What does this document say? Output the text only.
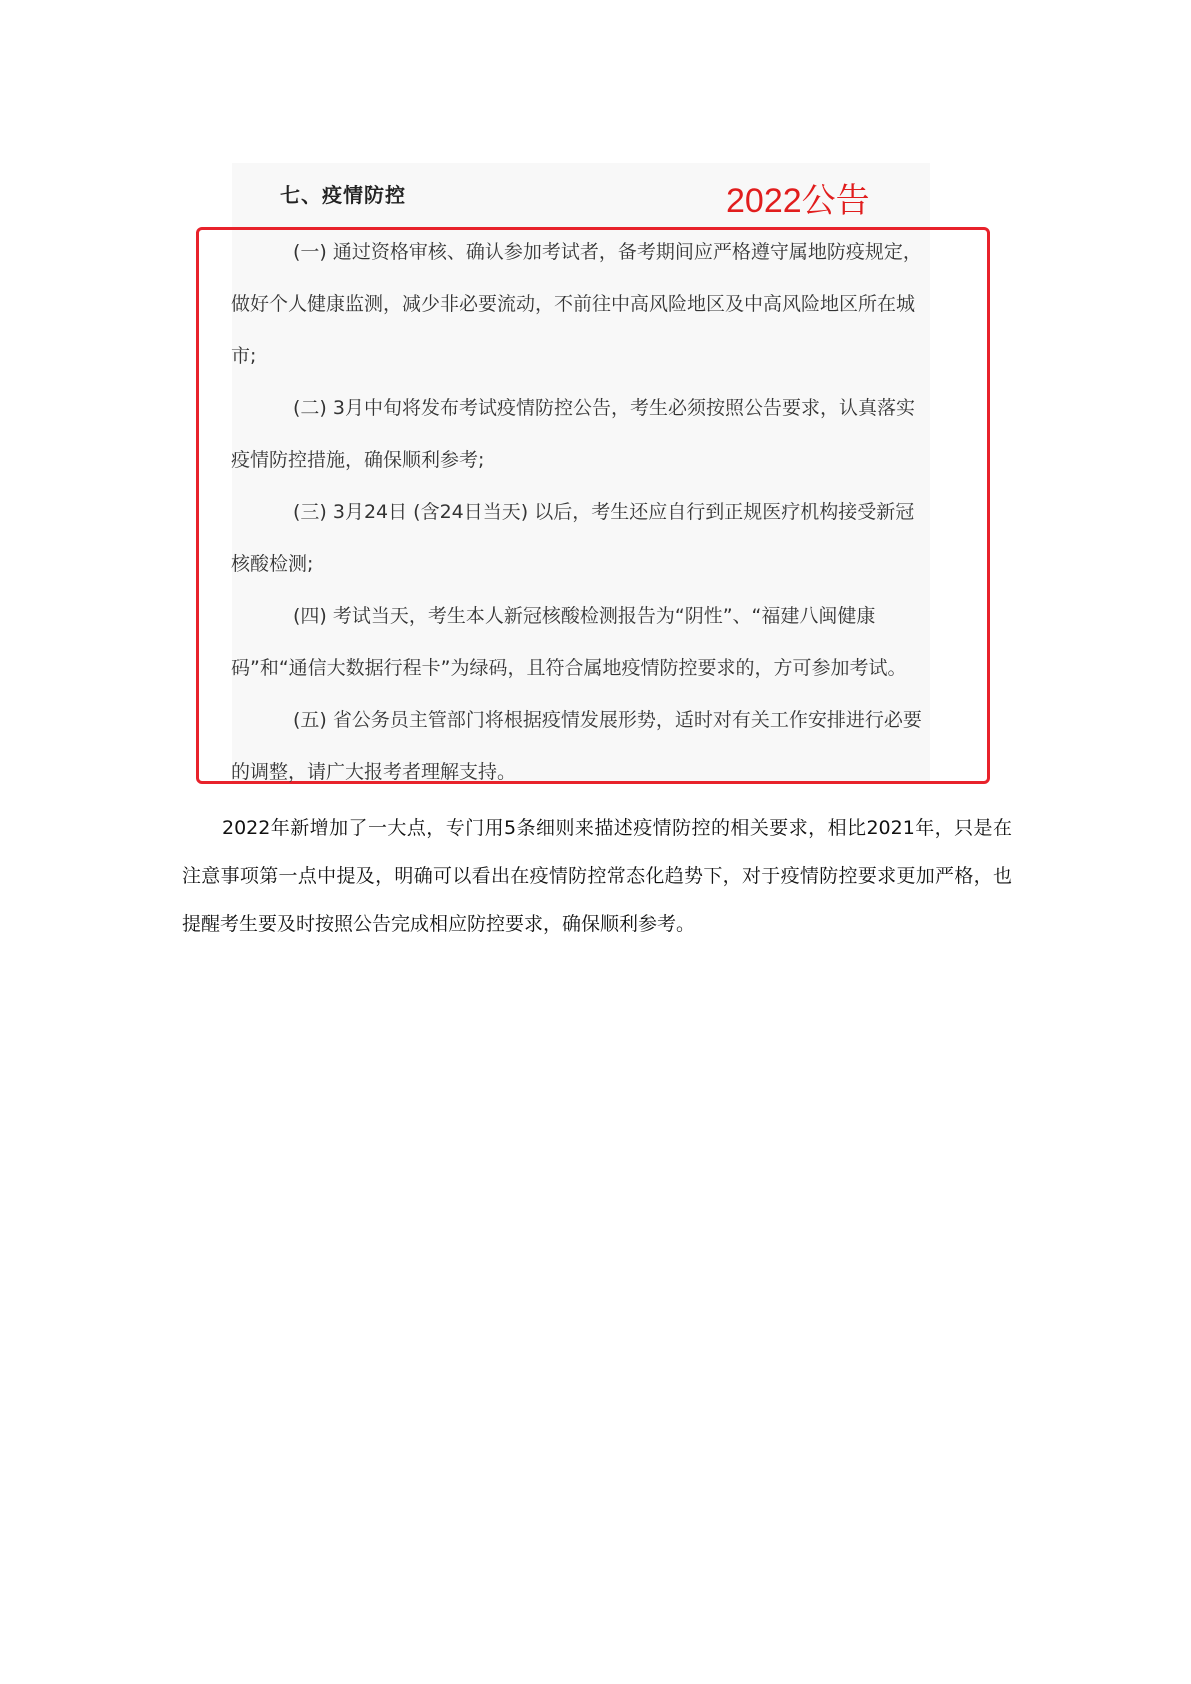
七、疫情防控	2022公告
(一) 通过资格审核、确认参加考试者，备考期间应严格遵守属地防疫规定，做好个人健康监测，减少非必要流动，不前往中高风险地区及中高风险地区所在城市;
(二) 3月中旬将发布考试疫情防控公告，考生必须按照公告要求，认真落实疫情防控措施，确保顺利参考;
(三) 3月24日 (含24日当天) 以后，考生还应自行到正规医疗机构接受新冠核酸检测;
(四) 考试当天，考生本人新冠核酸检测报告为“阴性”、“福建八闽健康码”和“通信大数据行程卡”为绿码，且符合属地疫情防控要求的，方可参加考试。
(五) 省公务员主管部门将根据疫情发展形势，适时对有关工作安排进行必要的调整，请广大报考者理解支持。

2022年新增加了一大点，专门用5条细则来描述疫情防控的相关要求，相比2021年，只是在注意事项第一点中提及，明确可以看出在疫情防控常态化趋势下，对于疫情防控要求更加严格，也提醒考生要及时按照公告完成相应防控要求，确保顺利参考。
